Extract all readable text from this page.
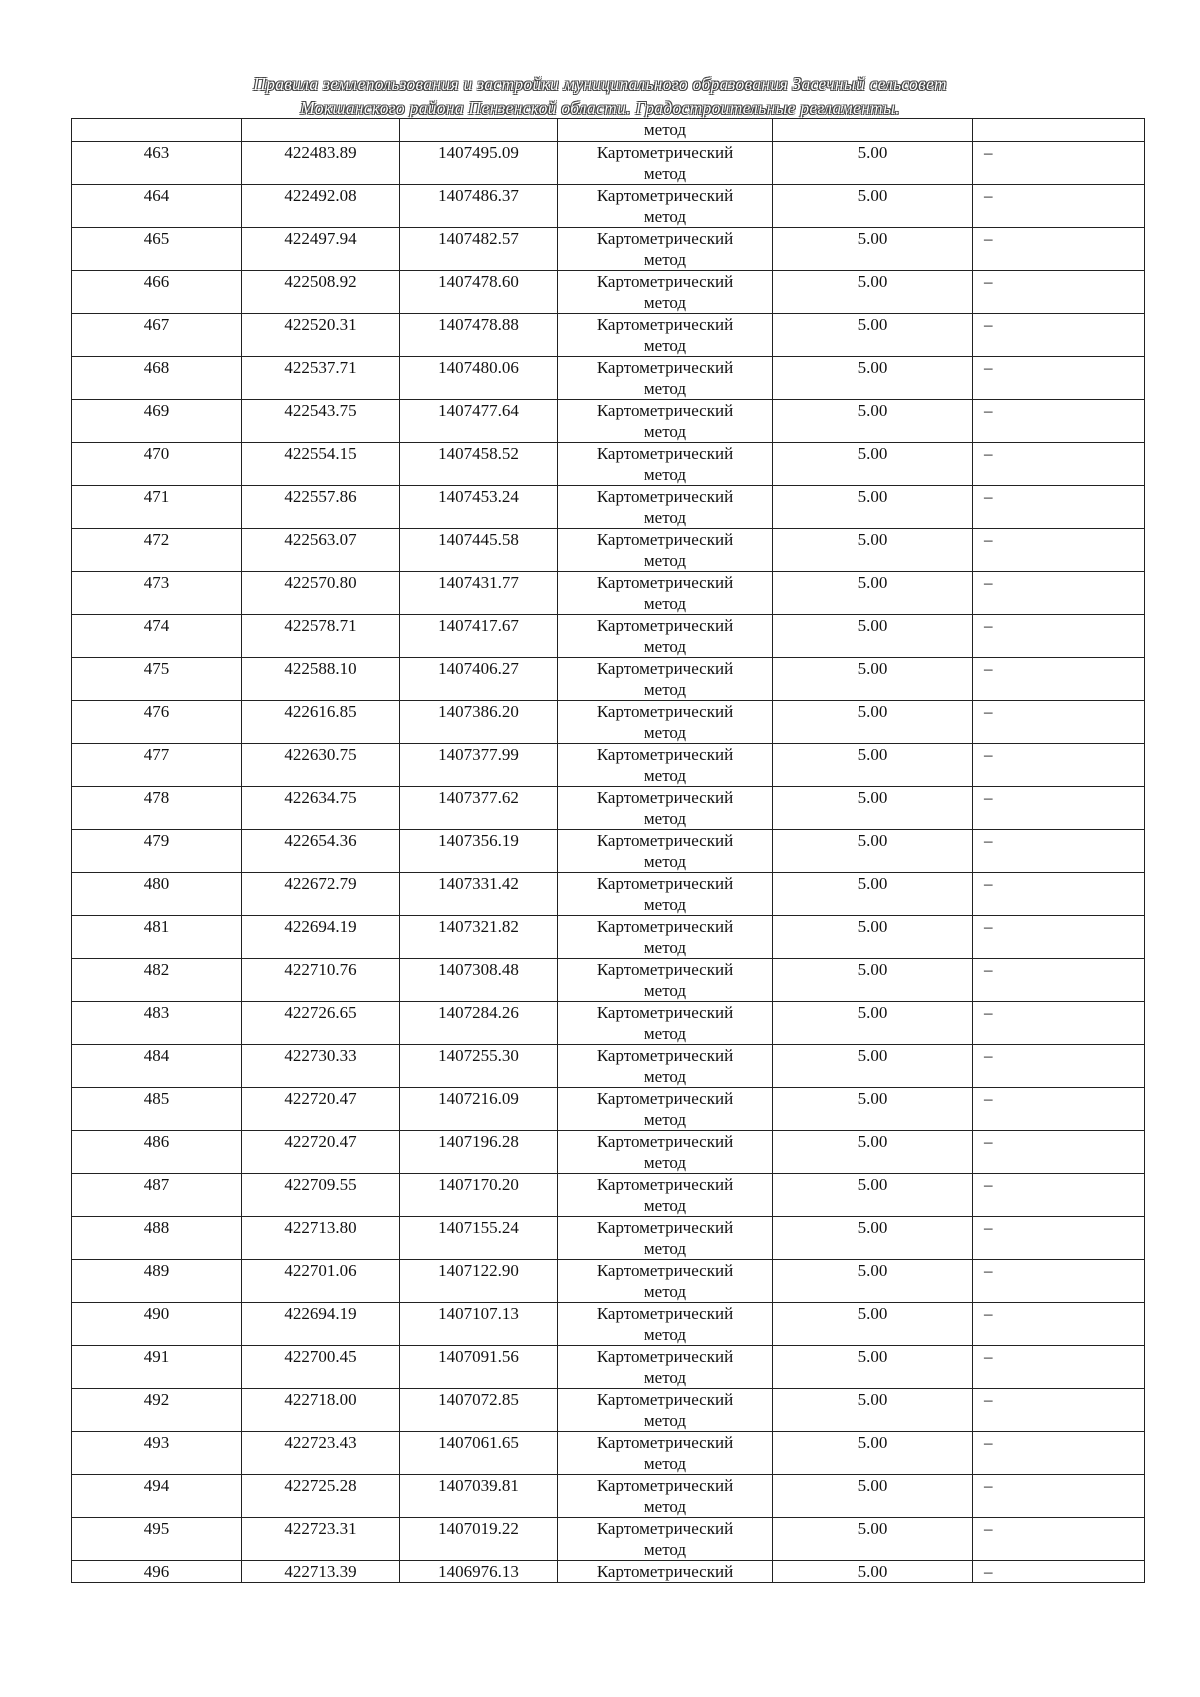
Правила землепользования и застройки муниципального образования Засечный сельсовет
Мокшанского района Пензенской области. Градостроительные регламенты.
			метод		
463	422483.89	1407495.09	Картометрический
метод	5.00	–
464	422492.08	1407486.37	Картометрический
метод	5.00	–
465	422497.94	1407482.57	Картометрический
метод	5.00	–
466	422508.92	1407478.60	Картометрический
метод	5.00	–
467	422520.31	1407478.88	Картометрический
метод	5.00	–
468	422537.71	1407480.06	Картометрический
метод	5.00	–
469	422543.75	1407477.64	Картометрический
метод	5.00	–
470	422554.15	1407458.52	Картометрический
метод	5.00	–
471	422557.86	1407453.24	Картометрический
метод	5.00	–
472	422563.07	1407445.58	Картометрический
метод	5.00	–
473	422570.80	1407431.77	Картометрический
метод	5.00	–
474	422578.71	1407417.67	Картометрический
метод	5.00	–
475	422588.10	1407406.27	Картометрический
метод	5.00	–
476	422616.85	1407386.20	Картометрический
метод	5.00	–
477	422630.75	1407377.99	Картометрический
метод	5.00	–
478	422634.75	1407377.62	Картометрический
метод	5.00	–
479	422654.36	1407356.19	Картометрический
метод	5.00	–
480	422672.79	1407331.42	Картометрический
метод	5.00	–
481	422694.19	1407321.82	Картометрический
метод	5.00	–
482	422710.76	1407308.48	Картометрический
метод	5.00	–
483	422726.65	1407284.26	Картометрический
метод	5.00	–
484	422730.33	1407255.30	Картометрический
метод	5.00	–
485	422720.47	1407216.09	Картометрический
метод	5.00	–
486	422720.47	1407196.28	Картометрический
метод	5.00	–
487	422709.55	1407170.20	Картометрический
метод	5.00	–
488	422713.80	1407155.24	Картометрический
метод	5.00	–
489	422701.06	1407122.90	Картометрический
метод	5.00	–
490	422694.19	1407107.13	Картометрический
метод	5.00	–
491	422700.45	1407091.56	Картометрический
метод	5.00	–
492	422718.00	1407072.85	Картометрический
метод	5.00	–
493	422723.43	1407061.65	Картометрический
метод	5.00	–
494	422725.28	1407039.81	Картометрический
метод	5.00	–
495	422723.31	1407019.22	Картометрический
метод	5.00	–
496	422713.39	1406976.13	Картометрический	5.00	–
